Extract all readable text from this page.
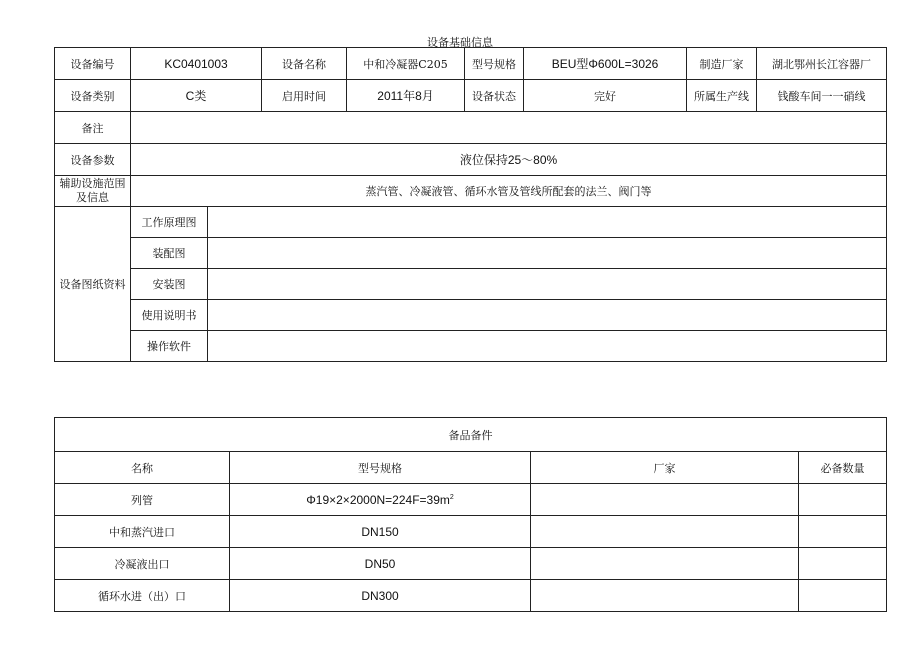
设备基础信息
设备编号	KC0401003		设备名称	中和冷凝器C205	型号规格	BEU型Φ600L=3026	制造厂家	湖北鄂州长江容器厂
设备类别	C类		启用时间	2011年8月	设备状态	完好	所属生产线	钱酸车间一一硝线
备注								
设备参数	液位保持25～80%							
辅助设施范围及信息	蒸汽管、冷凝液管、循环水管及管线所配套的法兰、阀门等							
设备图纸资料	工作原理图							
	装配图							
	安装图							
	使用说明书							
	操作软件							
备品备件			
名称	型号规格	厂家	必备数量
列管	$\Phi 19\times 2\times 2000N=224F=39m^2$		
中和蒸汽进口	DN150		
冷凝液出口	DN50		
循环水进（出）口	DN300		
